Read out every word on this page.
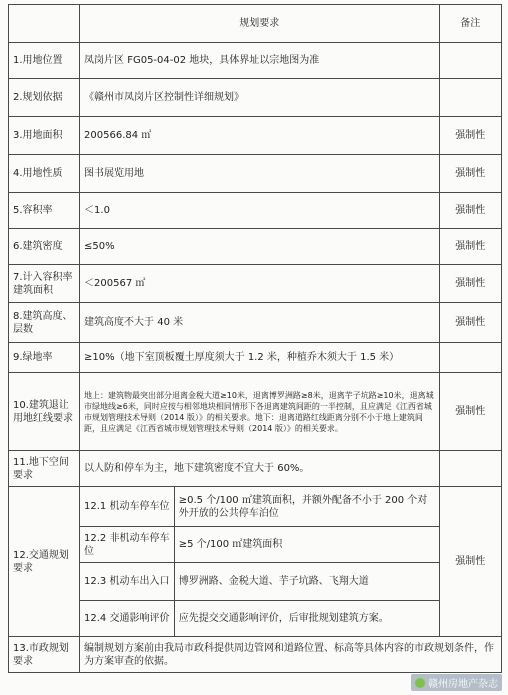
	规划要求		备注
1.用地位置	凤岗片区 FG05-04-02 地块，具体界址以宗地图为准		
2.规划依据	《赣州市凤岗片区控制性详细规划》		
3.用地面积	200566.84 ㎡		强制性
4.用地性质	图书展览用地		强制性
5.容积率	＜1.0		强制性
6.建筑密度	≤50%		强制性
7.计入容积率建筑面积	＜200567 ㎡		强制性
8.建筑高度、层数	建筑高度不大于 40 米		强制性
9.绿地率	≥10%（地下室顶板覆土厚度须大于 1.2 米，种植乔木须大于 1.5 米）		
10.建筑退让用地红线要求	地上：建筑物最突出部分退离金税大道≥10米，退离博罗洲路≥8米，退离芋子坑路≥10米，退离城市绿地线≥6米，同时应按与相邻地块相同情形下各退离建筑间距的一半控制，且应满足《江西省城市规划管理技术导则（2014 版）》的相关要求。地下：退离道路红线距离分别不小于地上建筑间距，且应满足《江西省城市规划管理技术导则（2014 版）》的相关要求。		强制性
11.地下空间要求	以人防和停车为主，地下建筑密度不宜大于 60%。		
12.交通规划要求	12.1 机动车停车位	≥0.5 个/100 ㎡建筑面积，并额外配备不小于 200 个对外开放的公共停车泊位	强制性
	12.2 非机动车停车位	≥5 个/100 ㎡建筑面积	
	12.3 机动车出入口	博罗洲路、金税大道、芋子坑路、飞翔大道	
	12.4 交通影响评价	应先提交交通影响评价，后审批规划建筑方案。	
13.市政规划要求	编制规划方案前由我局市政科提供周边管网和道路位置、标高等具体内容的市政规划条件，作为方案审查的依据。		
赣州房地产杂志
